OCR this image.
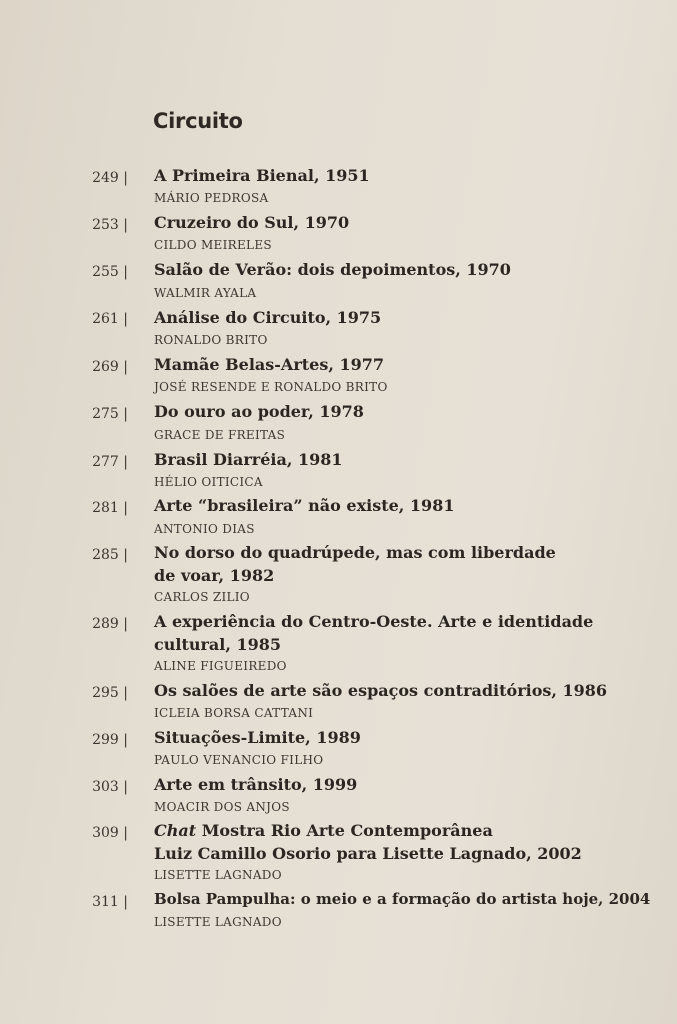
Circuito
249 | A Primeira Bienal, 1951
MÁRIO PEDROSA
253 | Cruzeiro do Sul, 1970
CILDO MEIRELES
255 | Salão de Verão: dois depoimentos, 1970
WALMIR AYALA
261 | Análise do Circuito, 1975
RONALDO BRITO
269 | Mamãe Belas-Artes, 1977
JOSÉ RESENDE E RONALDO BRITO
275 | Do ouro ao poder, 1978
GRACE DE FREITAS
277 | Brasil Diarréia, 1981
HÉLIO OITICICA
281 | Arte “brasileira” não existe, 1981
ANTONIO DIAS
285 | No dorso do quadrúpede, mas com liberdade
de voar, 1982
CARLOS ZILIO
289 | A experiência do Centro-Oeste. Arte e identidade
cultural, 1985
ALINE FIGUEIREDO
295 | Os salões de arte são espaços contraditórios, 1986
ICLEIA BORSA CATTANI
299 | Situações-Limite, 1989
PAULO VENANCIO FILHO
303 | Arte em trânsito, 1999
MOACIR DOS ANJOS
309 | Chat Mostra Rio Arte Contemporânea
Luiz Camillo Osorio para Lisette Lagnado, 2002
LISETTE LAGNADO
311 | Bolsa Pampulha: o meio e a formação do artista hoje, 2004
LISETTE LAGNADO
